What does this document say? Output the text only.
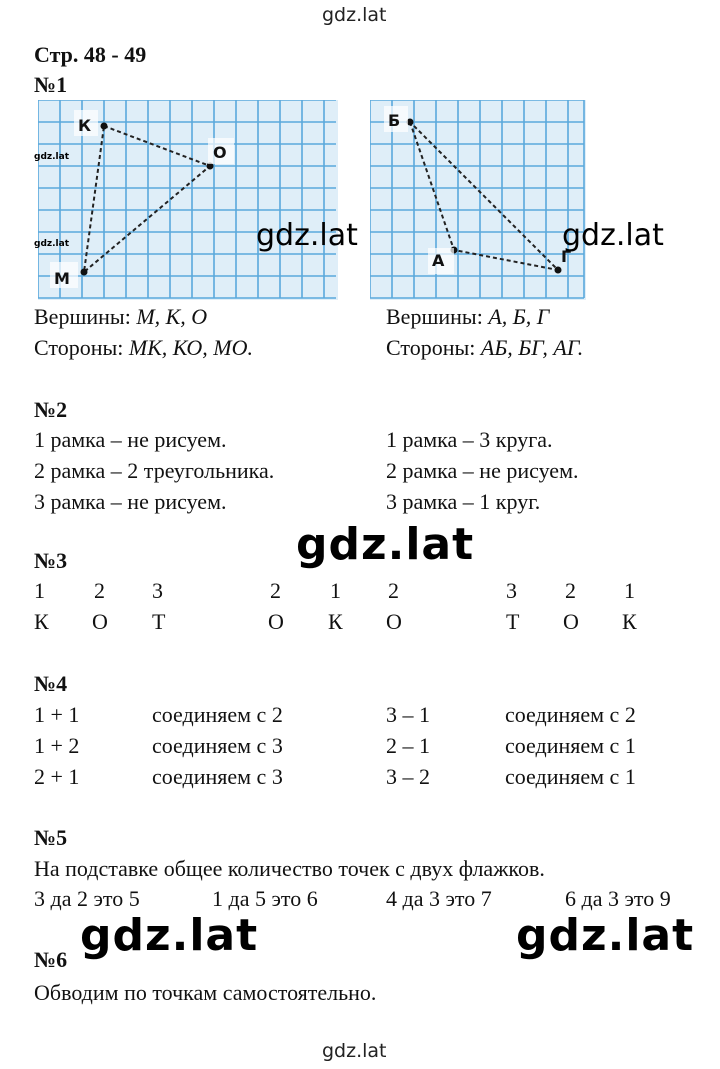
gdz.lat
Стр. 48 - 49
№1
К
О
М
gdz.lat
gdz.lat
Б
А	Г
gdz.lat	gdz.lat
Вершины: М, К, О
Стороны: МК, КО, МО.
Вершины: А, Б, Г
Стороны: АБ, БГ, АГ.
№2
1 рамка – не рисуем.
2 рамка – 2 треугольника.
3 рамка – не рисуем.
1 рамка – 3 круга.
2 рамка – не рисуем.
3 рамка – 1 круг.
gdz.lat
№3
1 2 3	2 1 2	3 2 1
К О Т	О К О	Т О К
№4
1 + 1	соединяем с 2	3 – 1	соединяем с 2
1 + 2	соединяем с 3	2 – 1	соединяем с 1
2 + 1	соединяем с 3	3 – 2	соединяем с 1
№5
На подставке общее количество точек с двух флажков.
3 да 2 это 5	1 да 5 это 6	4 да 3 это 7	6 да 3 это 9
gdz.lat	gdz.lat
№6
Обводим по точкам самостоятельно.
gdz.lat
